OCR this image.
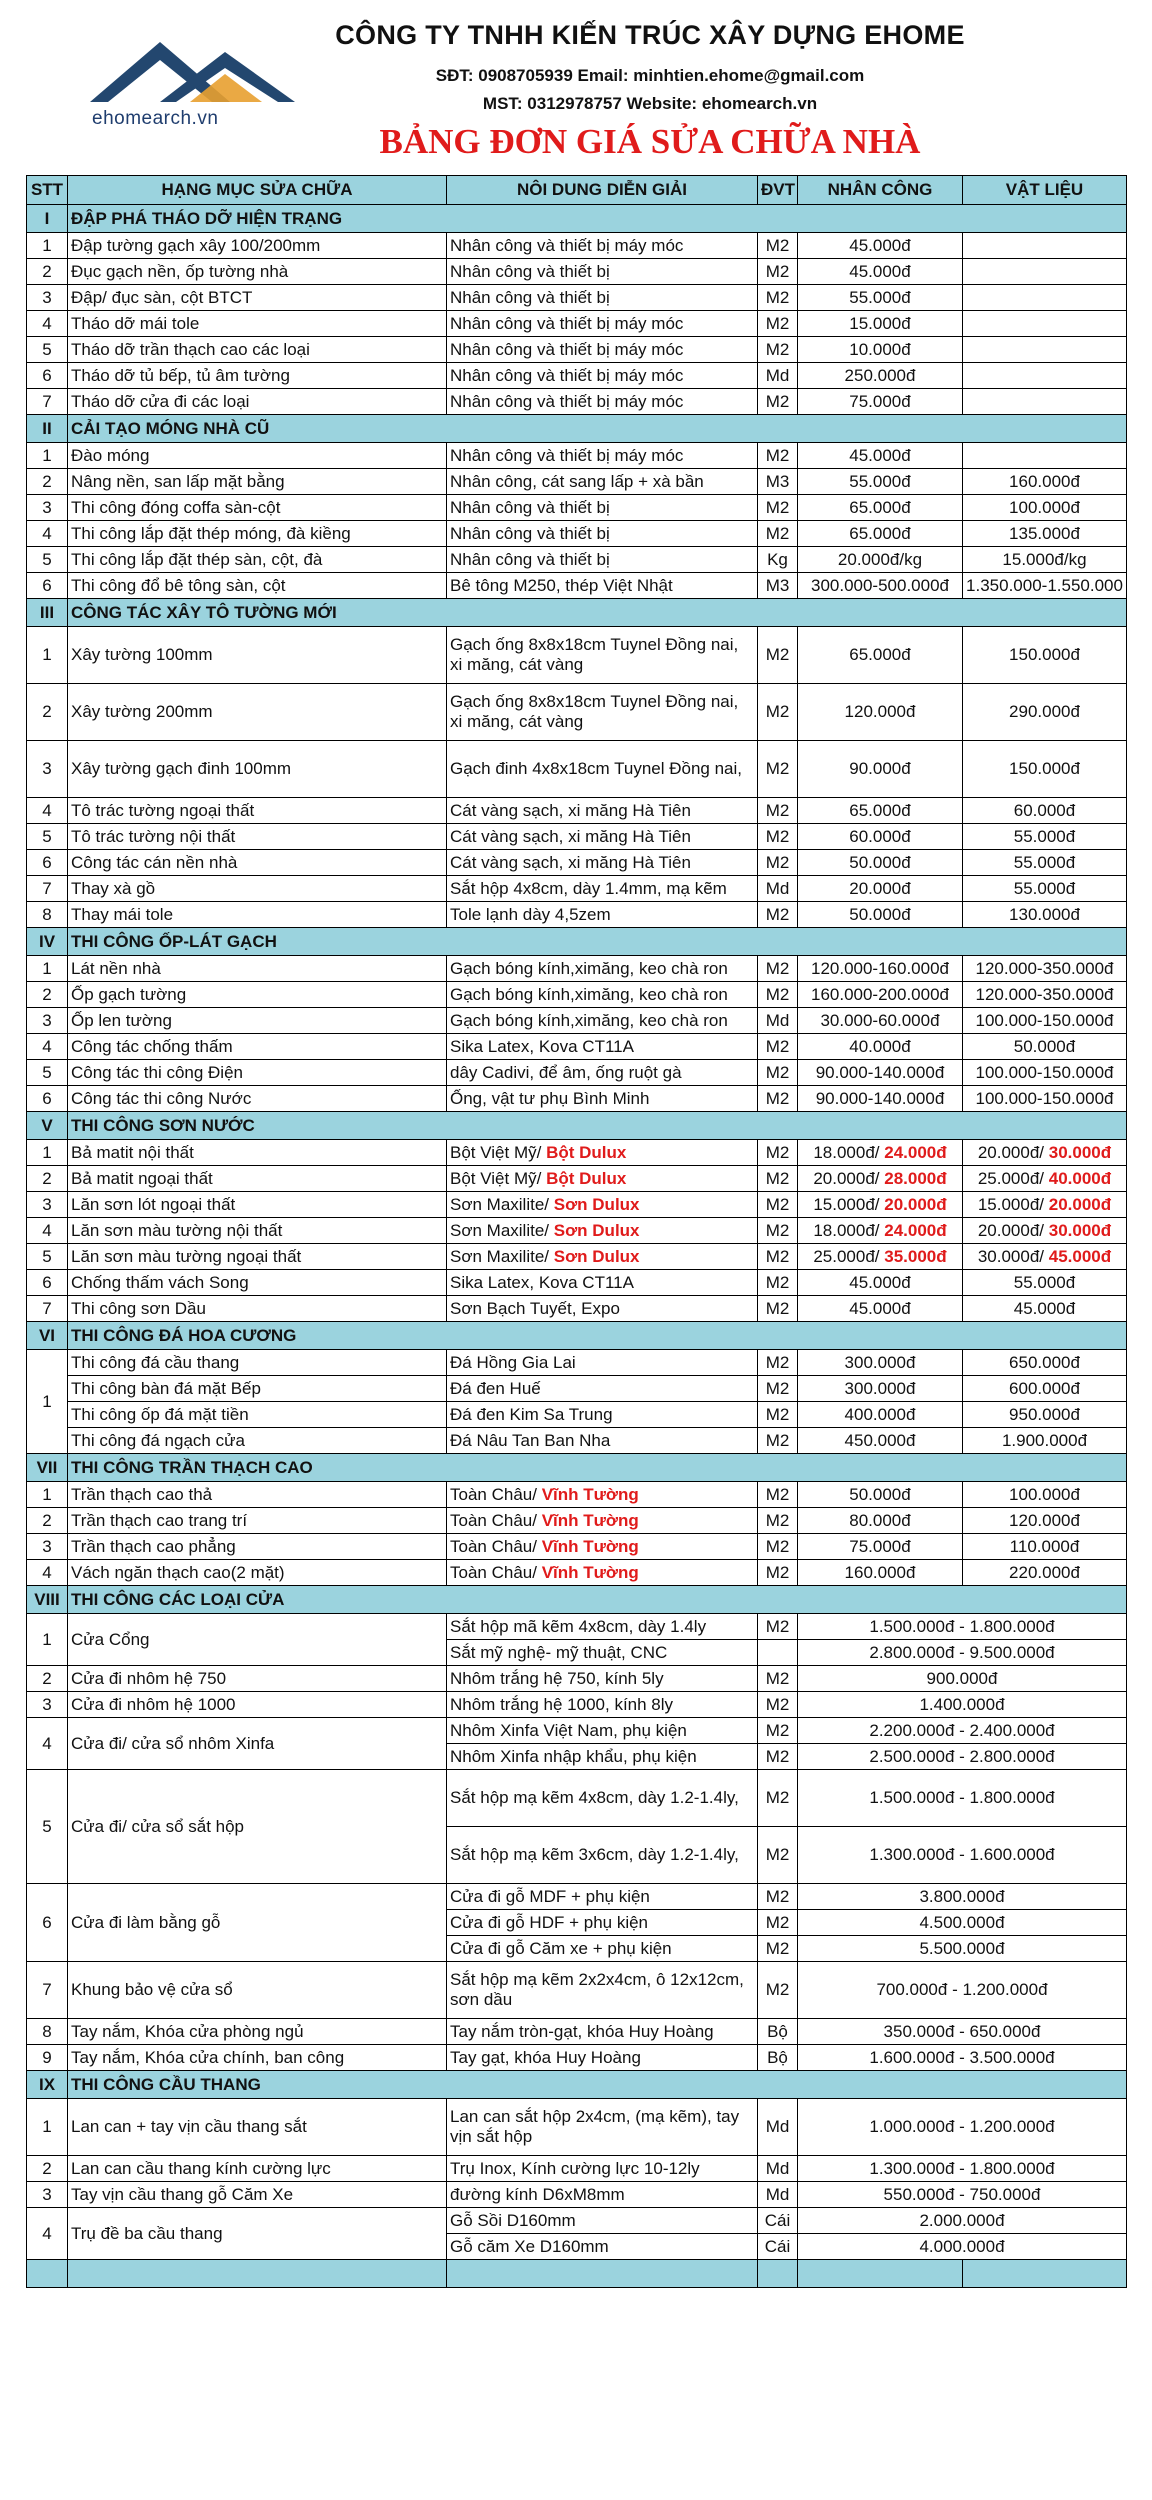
ehomearch.vn
CÔNG TY TNHH KIẾN TRÚC XÂY DỰNG EHOME
SĐT: 0908705939 Email: minhtien.ehome@gmail.com
MST: 0312978757 Website: ehomearch.vn
BẢNG ĐƠN GIÁ SỬA CHỮA NHÀ
STT	HẠNG MỤC SỬA CHỮA	NÔI DUNG DIỄN GIẢI	ĐVT	NHÂN CÔNG	VẬT LIỆU
I	ĐẬP PHÁ THÁO DỠ HIỆN TRẠNG				
1	Đập tường gạch xây 100/200mm	Nhân công và thiết bị máy móc	M2	45.000đ	
2	Đục gạch nền, ốp tường nhà	Nhân công và thiết bị	M2	45.000đ	
3	Đập/ đục sàn, cột BTCT	Nhân công và thiết bị	M2	55.000đ	
4	Tháo dỡ mái tole	Nhân công và thiết bị máy móc	M2	15.000đ	
5	Tháo dỡ trần thạch cao các loại	Nhân công và thiết bị máy móc	M2	10.000đ	
6	Tháo dỡ tủ bếp, tủ âm tường	Nhân công và thiết bị máy móc	Md	250.000đ	
7	Tháo dỡ cửa đi các loại	Nhân công và thiết bị máy móc	M2	75.000đ	
II	CẢI TẠO MÓNG NHÀ CŨ				
1	Đào móng	Nhân công và thiết bị máy móc	M2	45.000đ	
2	Nâng nền, san lấp mặt bằng	Nhân công, cát sang lấp + xà bần	M3	55.000đ	160.000đ
3	Thi công đóng coffa sàn-cột	Nhân công và thiết bị	M2	65.000đ	100.000đ
4	Thi công lắp đặt thép móng, đà kiềng	Nhân công và thiết bị	M2	65.000đ	135.000đ
5	Thi công lắp đặt thép sàn, cột, đà	Nhân công và thiết bị	Kg	20.000đ/kg	15.000đ/kg
6	Thi công đổ bê tông sàn, cột	Bê tông M250, thép Việt Nhật	M3	300.000-500.000đ	1.350.000-1.550.000
III	CÔNG TÁC XÂY TÔ TƯỜNG MỚI				
1	Xây tường 100mm	Gạch ống 8x8x18cm Tuynel Đồng nai, xi măng, cát vàng	M2	65.000đ	150.000đ
2	Xây tường 200mm	Gạch ống 8x8x18cm Tuynel Đồng nai, xi măng, cát vàng	M2	120.000đ	290.000đ
3	Xây tường gạch đinh 100mm	Gạch đinh 4x8x18cm Tuynel Đồng nai,	M2	90.000đ	150.000đ
4	Tô trác tường ngoại thất	Cát vàng sạch, xi măng Hà Tiên	M2	65.000đ	60.000đ
5	Tô trác tường nội thất	Cát vàng sạch, xi măng Hà Tiên	M2	60.000đ	55.000đ
6	Công tác cán nền nhà	Cát vàng sạch, xi măng Hà Tiên	M2	50.000đ	55.000đ
7	Thay xà gồ	Sắt hộp 4x8cm, dày 1.4mm, mạ kẽm	Md	20.000đ	55.000đ
8	Thay mái tole	Tole lạnh dày 4,5zem	M2	50.000đ	130.000đ
IV	THI CÔNG ỐP-LÁT GẠCH				
1	Lát nền nhà	Gạch bóng kính,ximăng, keo chà ron	M2	120.000-160.000đ	120.000-350.000đ
2	Ốp gạch tường	Gạch bóng kính,ximăng, keo chà ron	M2	160.000-200.000đ	120.000-350.000đ
3	Ốp len tường	Gạch bóng kính,ximăng, keo chà ron	Md	30.000-60.000đ	100.000-150.000đ
4	Công tác chống thấm	Sika Latex, Kova CT11A	M2	40.000đ	50.000đ
5	Công tác thi công Điện	dây Cadivi, để âm, ống ruột gà	M2	90.000-140.000đ	100.000-150.000đ
6	Công tác thi công Nước	Ống, vật tư phụ Bình Minh	M2	90.000-140.000đ	100.000-150.000đ
V	THI CÔNG SƠN NƯỚC				
1	Bả matit nội thất	Bột Việt Mỹ/ Bột Dulux	M2	18.000đ/ 24.000đ	20.000đ/ 30.000đ
2	Bả matit ngoại thất	Bột Việt Mỹ/ Bột Dulux	M2	20.000đ/ 28.000đ	25.000đ/ 40.000đ
3	Lăn sơn lót ngoại thất	Sơn Maxilite/ Sơn Dulux	M2	15.000đ/ 20.000đ	15.000đ/ 20.000đ
4	Lăn sơn màu tường nội thất	Sơn Maxilite/ Sơn Dulux	M2	18.000đ/ 24.000đ	20.000đ/ 30.000đ
5	Lăn sơn màu tường ngoại thất	Sơn Maxilite/ Sơn Dulux	M2	25.000đ/ 35.000đ	30.000đ/ 45.000đ
6	Chống thấm vách Song	Sika Latex, Kova CT11A	M2	45.000đ	55.000đ
7	Thi công sơn Dầu	Sơn Bạch Tuyết, Expo	M2	45.000đ	45.000đ
VI	THI CÔNG ĐÁ HOA CƯƠNG				
1	Thi công đá cầu thang	Đá Hồng Gia Lai	M2	300.000đ	650.000đ
	Thi công bàn đá mặt Bếp	Đá đen Huế	M2	300.000đ	600.000đ
	Thi công ốp đá mặt tiền	Đá đen Kim Sa Trung	M2	400.000đ	950.000đ
	Thi công đá ngạch cửa	Đá Nâu Tan Ban Nha	M2	450.000đ	1.900.000đ
VII	THI CÔNG TRẦN THẠCH CAO				
1	Trần thạch cao thả	Toàn Châu/ Vĩnh Tường	M2	50.000đ	100.000đ
2	Trần thạch cao trang trí	Toàn Châu/ Vĩnh Tường	M2	80.000đ	120.000đ
3	Trần thạch cao phẳng	Toàn Châu/ Vĩnh Tường	M2	75.000đ	110.000đ
4	Vách ngăn thạch cao(2 mặt)	Toàn Châu/ Vĩnh Tường	M2	160.000đ	220.000đ
VIII	THI CÔNG CÁC LOẠI CỬA				
1	Cửa Cổng	Sắt hộp mã kẽm 4x8cm, dày 1.4ly	M2	1.500.000đ - 1.800.000đ	
		Sắt mỹ nghệ- mỹ thuật, CNC		2.800.000đ - 9.500.000đ	
2	Cửa đi nhôm hệ 750	Nhôm trắng hệ 750, kính 5ly	M2	900.000đ	
3	Cửa đi nhôm hệ 1000	Nhôm trắng hệ 1000, kính 8ly	M2	1.400.000đ	
4	Cửa đi/ cửa sổ nhôm Xinfa	Nhôm Xinfa Việt Nam, phụ kiện	M2	2.200.000đ - 2.400.000đ	
		Nhôm Xinfa nhập khẩu, phụ kiện	M2	2.500.000đ - 2.800.000đ	
5	Cửa đi/ cửa sổ sắt hộp	Sắt hộp mạ kẽm 4x8cm, dày 1.2-1.4ly,	M2	1.500.000đ - 1.800.000đ	
		Sắt hộp mạ kẽm 3x6cm, dày 1.2-1.4ly,	M2	1.300.000đ - 1.600.000đ	
6	Cửa đi làm bằng gỗ	Cửa đi gỗ MDF + phụ kiện	M2	3.800.000đ	
		Cửa đi gỗ HDF + phụ kiện	M2	4.500.000đ	
		Cửa đi gỗ Căm xe + phụ kiện	M2	5.500.000đ	
7	Khung bảo vệ cửa sổ	Sắt hộp mạ kẽm 2x2x4cm, ô 12x12cm, sơn dầu	M2	700.000đ - 1.200.000đ	
8	Tay nắm, Khóa cửa phòng ngủ	Tay nắm tròn-gạt, khóa Huy Hoàng	Bộ	350.000đ - 650.000đ	
9	Tay nắm, Khóa cửa chính, ban công	Tay gạt, khóa Huy Hoàng	Bộ	1.600.000đ - 3.500.000đ	
IX	THI CÔNG CẦU THANG				
1	Lan can + tay vịn cầu thang sắt	Lan can sắt hộp 2x4cm, (mạ kẽm), tay vịn sắt hộp	Md	1.000.000đ - 1.200.000đ	
2	Lan can cầu thang kính cường lực	Trụ Inox, Kính cường lực 10-12ly	Md	1.300.000đ - 1.800.000đ	
3	Tay vịn cầu thang gỗ Căm Xe	đường kính D6xM8mm	Md	550.000đ - 750.000đ	
4	Trụ đề ba cầu thang	Gỗ Sồi D160mm	Cái	2.000.000đ	
		Gỗ căm Xe D160mm	Cái	4.000.000đ	
